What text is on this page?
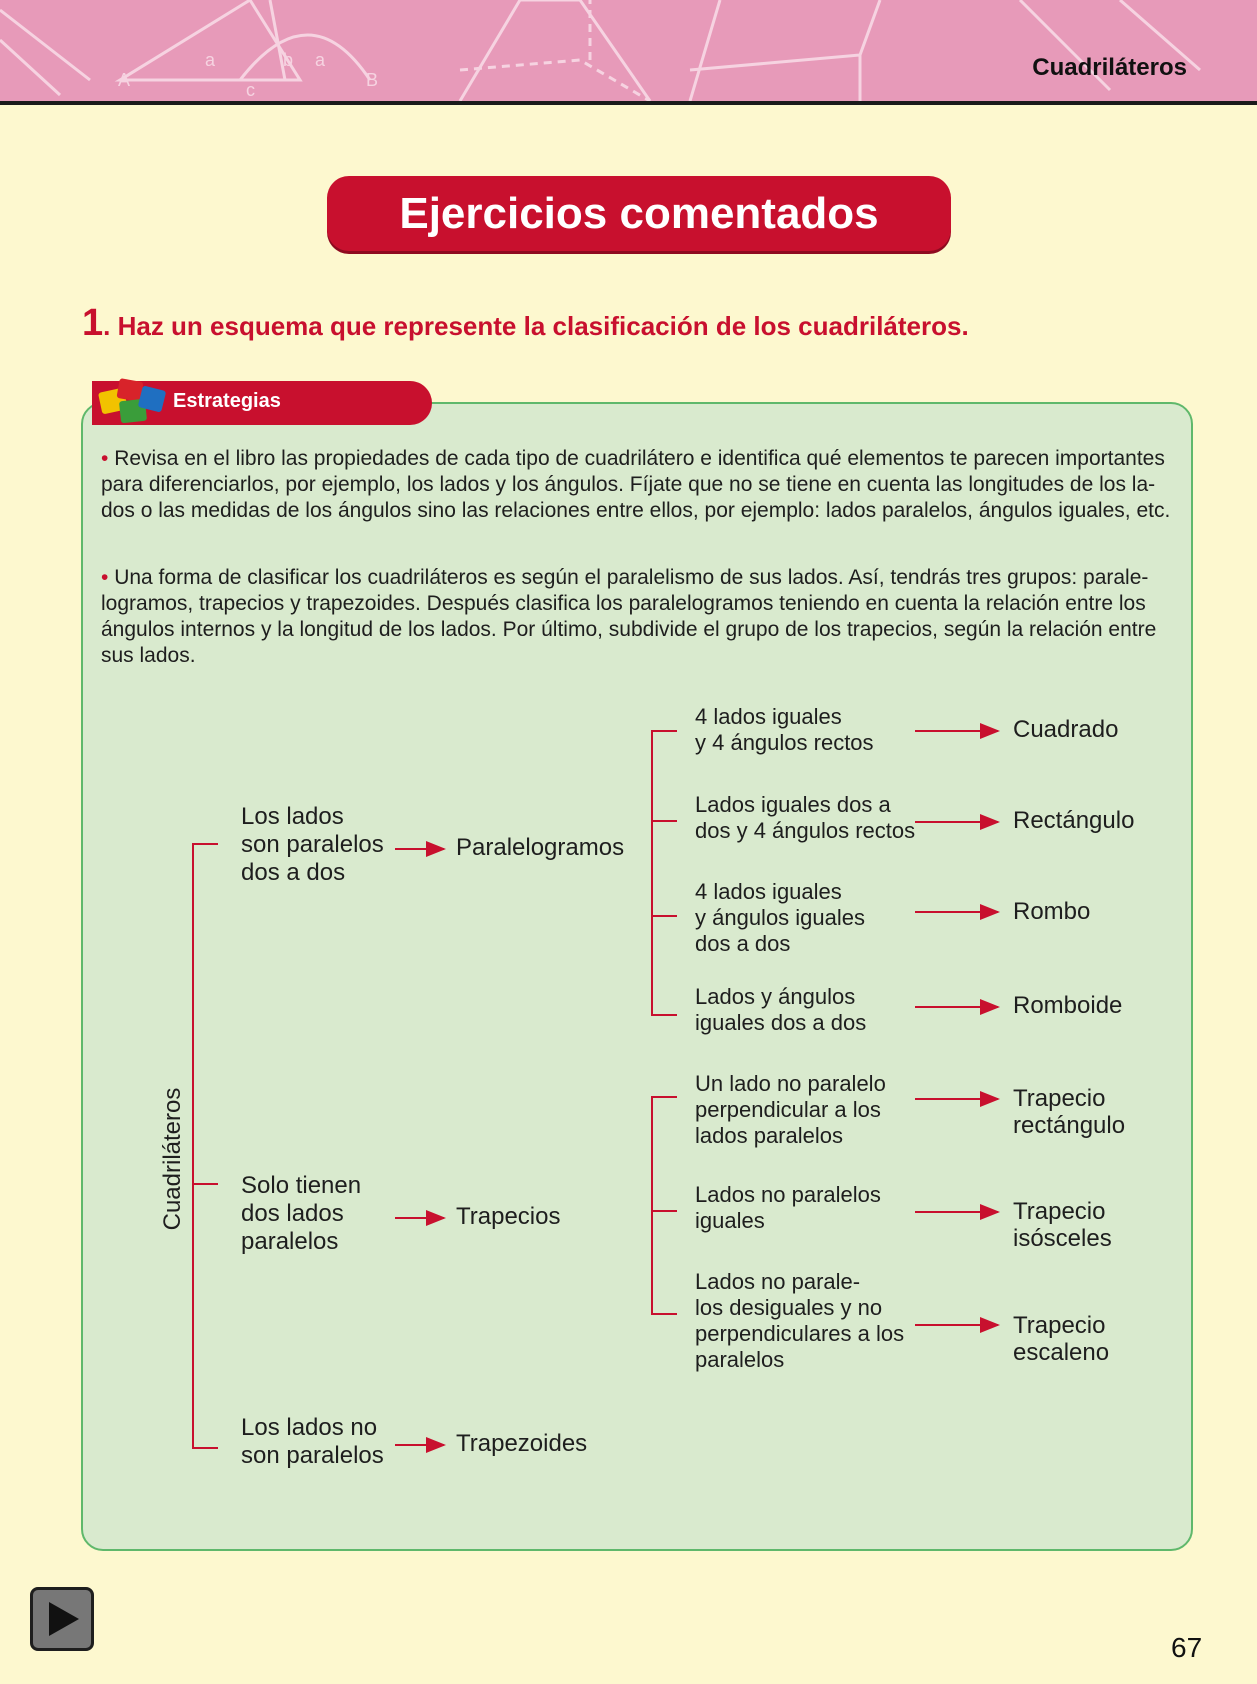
A	B
c
a	b a	Cuadriláteros
Ejercicios comentados
1. Haz un esquema que represente la clasificación de los cuadriláteros.
Estrategias
• Revisa en el libro las propiedades de cada tipo de cuadrilátero e identifica qué elementos te parecen importantes para diferenciarlos, por ejemplo, los lados y los ángulos. Fíjate que no se tiene en cuenta las longitudes de los la- dos o las medidas de los ángulos sino las relaciones entre ellos, por ejemplo: lados paralelos, ángulos iguales, etc.
• Una forma de clasificar los cuadriláteros es según el paralelismo de sus lados. Así, tendrás tres grupos: parale- logramos, trapecios y trapezoides. Después clasifica los paralelogramos teniendo en cuenta la relación entre los ángulos internos y la longitud de los lados. Por último, subdivide el grupo de los trapecios, según la relación entre sus lados.
Cuadriláteros
Los lados
son paralelos
dos a dos
Paralelogramos
Solo tienen
dos lados
paralelos
Trapecios
Los lados no
son paralelos	Trapezoides
4 lados iguales
y 4 ángulos rectos	Cuadrado
Lados iguales dos a
dos y 4 ángulos rectos	Rectángulo
4 lados iguales
y ángulos iguales
dos a dos
Rombo
Lados y ángulos
iguales dos a dos
Romboide
Un lado no paralelo
perpendicular a los
lados paralelos
Trapecio
rectángulo
Lados no paralelos
iguales	Trapecio
isósceles
Lados no parale-
los desiguales y no
perpendiculares a los
paralelos
Trapecio
escaleno
67
